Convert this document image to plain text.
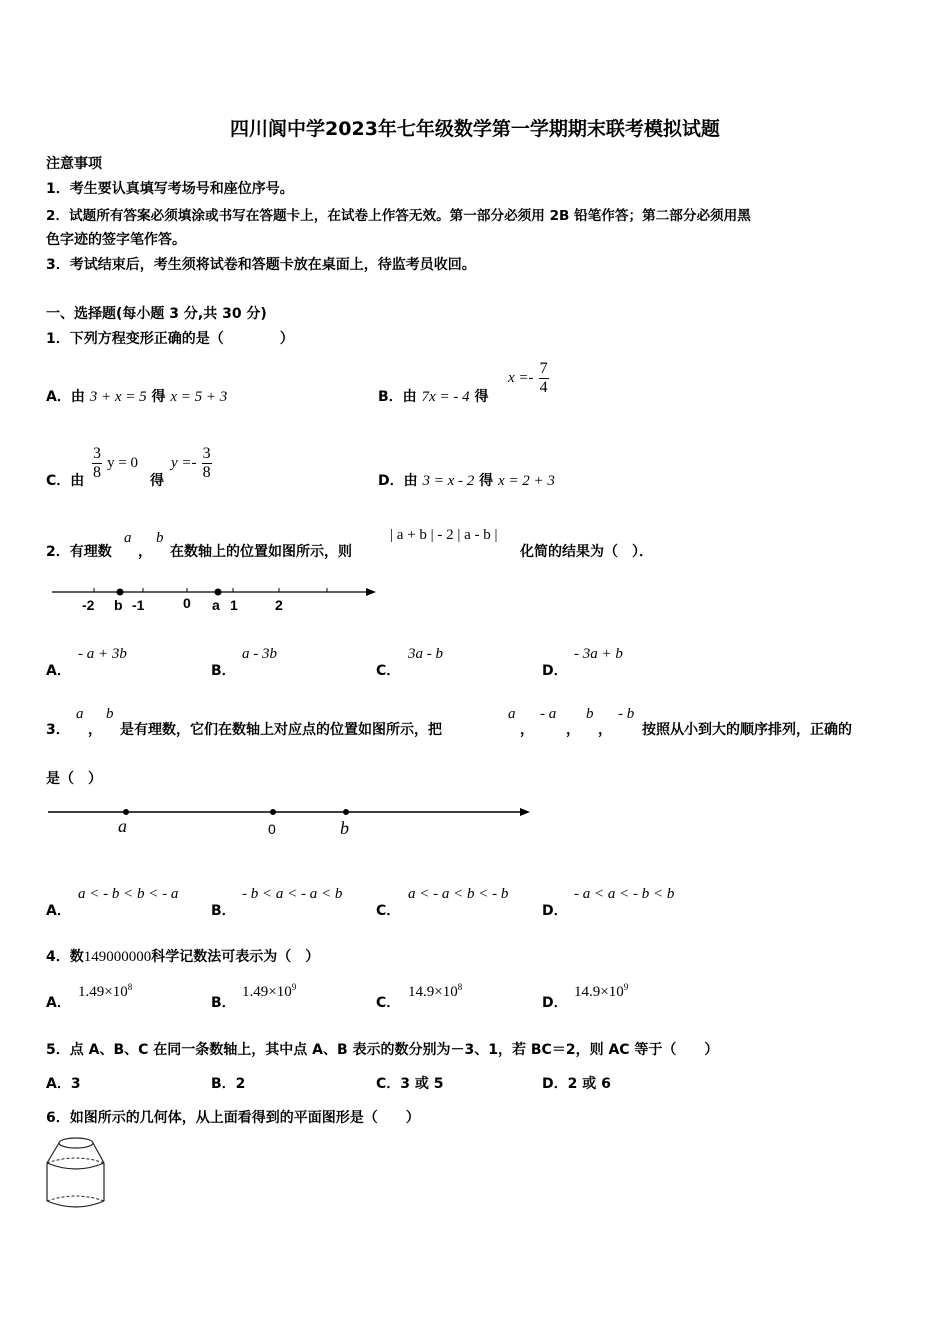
四川阆中学2023年七年级数学第一学期期末联考模拟试题
注意事项
1．考生要认真填写考场号和座位序号。
2．试题所有答案必须填涂或书写在答题卡上，在试卷上作答无效。第一部分必须用 2B 铅笔作答；第二部分必须用黑
色字迹的签字笔作答。
3．考试结束后，考生须将试卷和答题卡放在桌面上，待监考员收回。
一、选择题(每小题 3 分,共 30 分)
1．下列方程变形正确的是（　　　　）
A．由 3 + x = 5 得 x = 5 + 3	B．由 7x = - 4 得
$x =- \frac{7}{4}$
C．由 $\frac{3}{8}$ y = 0
得
$y =- \frac{3}{8}$	D．由 3 = x - 2 得 x = 2 + 3
2．有理数
a
，
b
在数轴上的位置如图所示，则
| a + b | - 2 | a - b |
化简的结果为（　）．
-2 b -1	0 a 1	2
A．
- a + 3b
B．
a - 3b
C．
3a - b
D．
- 3a + b
3．
a
，
b
是有理数，它们在数轴上对应点的位置如图所示，把
a
，
- a
，
b
，
- b
按照从小到大的顺序排列，正确的
是（　）
a	0	b
A．
a < - b < b < - a
B．
- b < a < - a < b
C．
a < - a < b < - b
D．
- a < a < - b < b
4．数149000000科学记数法可表示为（　）
A．
$1.49\times 10^8$
B．
$1.49\times 10^9$
C．
$14.9\times 10^8$
D．
$14.9\times 10^9$
5．点 A、B、C 在同一条数轴上，其中点 A、B 表示的数分别为－3、1，若 BC＝2，则 AC 等于（　　）
A．3	B．2	C．3 或 5	D．2 或 6
6．如图所示的几何体，从上面看得到的平面图形是（　　）
